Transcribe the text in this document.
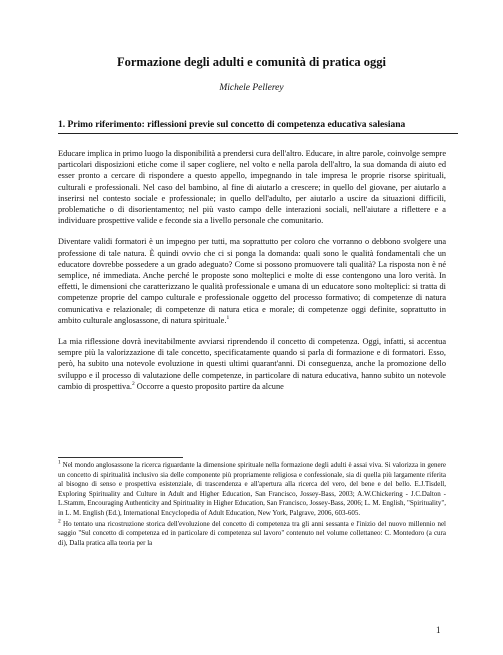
Formazione degli adulti e comunità di pratica oggi
Michele Pellerey
1. Primo riferimento: riflessioni previe sul concetto di competenza educativa salesiana

Educare implica in primo luogo la disponibilità a prendersi cura dell'altro. Educare, in altre parole, coinvolge sempre particolari disposizioni etiche come il saper cogliere, nel volto e nella parola dell'altro, la sua domanda di aiuto ed esser pronto a cercare di rispondere a questo appello, impegnando in tale impresa le proprie risorse spirituali, culturali e professionali. Nel caso del bambino, al fine di aiutarlo a crescere; in quello del giovane, per aiutarlo a inserirsi nel contesto sociale e professionale; in quello dell'adulto, per aiutarlo a uscire da situazioni difficili, problematiche o di disorientamento; nel più vasto campo delle interazioni sociali, nell'aiutare a riflettere e a individuare prospettive valide e feconde sia a livello personale che comunitario.

Diventare validi formatori è un impegno per tutti, ma soprattutto per coloro che vorranno o debbono svolgere una professione di tale natura. È quindi ovvio che ci si ponga la domanda: quali sono le qualità fondamentali che un educatore dovrebbe possedere a un grado adeguato? Come si possono promuovere tali qualità? La risposta non è né semplice, né immediata. Anche perché le proposte sono molteplici e molte di esse contengono una loro verità. In effetti, le dimensioni che caratterizzano le qualità professionale e umana di un educatore sono molteplici: si tratta di competenze proprie del campo culturale e professionale oggetto del processo formativo; di competenze di natura comunicativa e relazionale; di competenze di natura etica e morale; di competenze oggi definite, soprattutto in ambito culturale anglosassone, di natura spirituale.$^1$

La mia riflessione dovrà inevitabilmente avviarsi riprendendo il concetto di competenza. Oggi, infatti, si accentua sempre più la valorizzazione di tale concetto, specificatamente quando si parla di formazione e di formatori. Esso, però, ha subito una notevole evoluzione in questi ultimi quarant'anni. Di conseguenza, anche la promozione dello sviluppo e il processo di valutazione delle competenze, in particolare di natura educativa, hanno subito un notevole cambio di prospettiva.$^2$ Occorre a questo proposito partire da alcune

$^1$ Nel mondo anglosassone la ricerca riguardante la dimensione spirituale nella formazione degli adulti è assai viva. Si valorizza in genere un concetto di spiritualità inclusivo sia delle componente più propriamente religiosa e confessionale, sia di quella più largamente riferita al bisogno di senso e prospettiva esistenziale, di trascendenza e all'apertura alla ricerca del vero, del bene e del bello. E.J.Tisdell, Exploring Spirituality and Culture in Adult and Higher Education, San Francisco, Jossey-Bass, 2003; A.W.Chickering - J.C.Dalton - L.Stamm, Encouraging Authenticity and Spirituality in Higher Education, San Francisco, Jossey-Bass, 2006; L. M. English, "Spirituality", in L. M. English (Ed.), International Encyclopedia of Adult Education, New York, Palgrave, 2006, 603-605.

$^2$ Ho tentato una ricostruzione storica dell'evoluzione del concetto di competenza tra gli anni sessanta e l'inizio del nuovo millennio nel saggio "Sul concetto di competenza ed in particolare di competenza sul lavoro" contenuto nel volume collettaneo: C. Montedoro (a cura di), Dalla pratica alla teoria per la

1
